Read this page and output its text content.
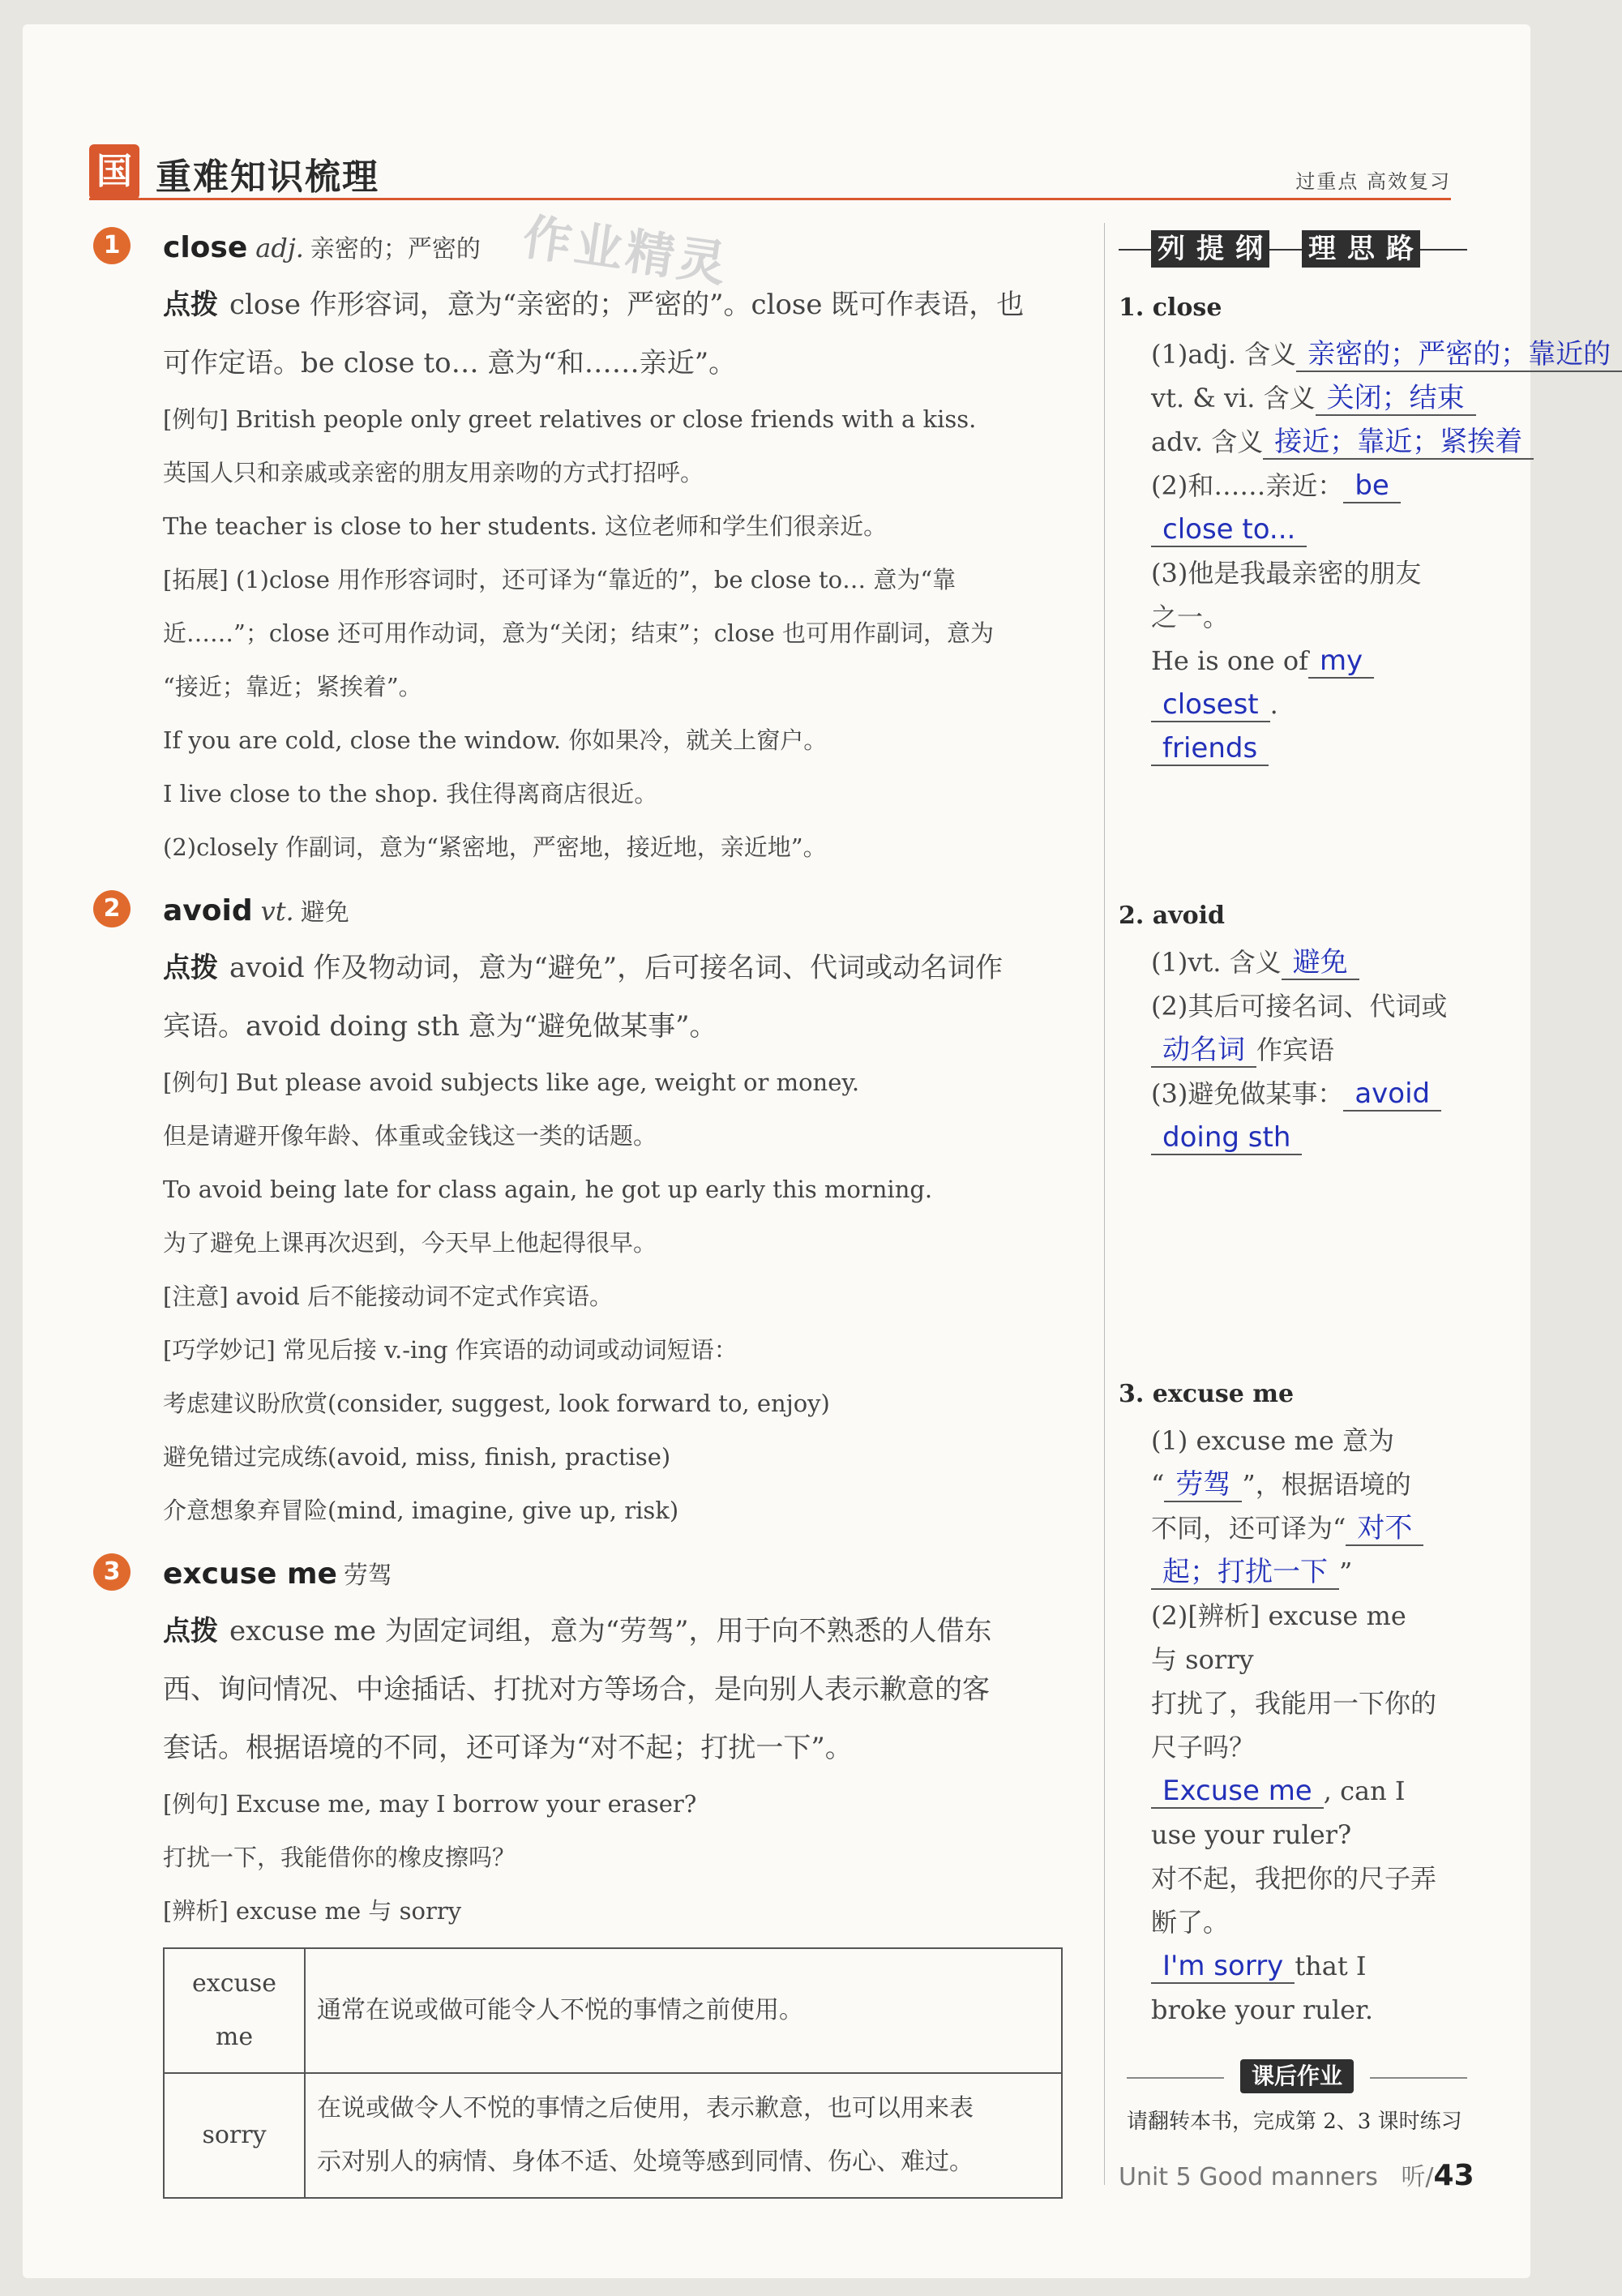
国 重难知识梳理	过重点 高效复习
作业精灵
1	close adj. 亲密的；严密的
点拨 close 作形容词，意为“亲密的；严密的”。close 既可作表语，也
可作定语。be close to… 意为“和……亲近”。
[例句] British people only greet relatives or close friends with a kiss.
英国人只和亲戚或亲密的朋友用亲吻的方式打招呼。
The teacher is close to her students. 这位老师和学生们很亲近。
[拓展] (1)close 用作形容词时，还可译为“靠近的”，be close to… 意为“靠
近……”；close 还可用作动词，意为“关闭；结束”；close 也可用作副词，意为
“接近；靠近；紧挨着”。
If you are cold, close the window. 你如果冷，就关上窗户。
I live close to the shop. 我住得离商店很近。
(2)closely 作副词，意为“紧密地，严密地，接近地，亲近地”。
2	avoid vt. 避免
点拨 avoid 作及物动词，意为“避免”，后可接名词、代词或动名词作
宾语。avoid doing sth 意为“避免做某事”。
[例句] But please avoid subjects like age, weight or money.
但是请避开像年龄、体重或金钱这一类的话题。
To avoid being late for class again, he got up early this morning.
为了避免上课再次迟到，今天早上他起得很早。
[注意] avoid 后不能接动词不定式作宾语。
[巧学妙记] 常见后接 v.-ing 作宾语的动词或动词短语：
考虑建议盼欣赏(consider, suggest, look forward to, enjoy)
避免错过完成练(avoid, miss, finish, practise)
介意想象弃冒险(mind, imagine, give up, risk)
3	excuse me 劳驾
点拨 excuse me 为固定词组，意为“劳驾”，用于向不熟悉的人借东
西、询问情况、中途插话、打扰对方等场合，是向别人表示歉意的客
套话。根据语境的不同，还可译为“对不起；打扰一下”。
[例句] Excuse me, may I borrow your eraser?
打扰一下，我能借你的橡皮擦吗？
[辨析] excuse me 与 sorry
excuse me	通常在说或做可能令人不悦的事情之前使用。
sorry	在说或做令人不悦的事情之后使用，表示歉意，也可以用来表
示对别人的病情、身体不适、处境等感到同情、伤心、难过。
列 提 纲 理 思 路
1. close
(1)adj. 含义 亲密的；严密的；靠近的
vt. & vi. 含义 关闭；结束
adv. 含义 接近；靠近；紧挨着
(2)和……亲近： be
close to...
(3)他是我最亲密的朋友
之一。
He is one of my
closest .
friends
2. avoid
(1)vt. 含义 避免
(2)其后可接名词、代词或
动名词 作宾语
(3)避免做某事： avoid
doing sth
3. excuse me
(1) excuse me 意为
“ 劳驾 ”，根据语境的
不同，还可译为“ 对不
起；打扰一下 ”
(2)[辨析] excuse me
与 sorry
打扰了，我能用一下你的
尺子吗？
Excuse me , can I
use your ruler?
对不起，我把你的尺子弄
断了。
I'm sorry that I
broke your ruler.
课后作业
请翻转本书，完成第 2、3 课时练习
Unit 5 Good manners 听/43
